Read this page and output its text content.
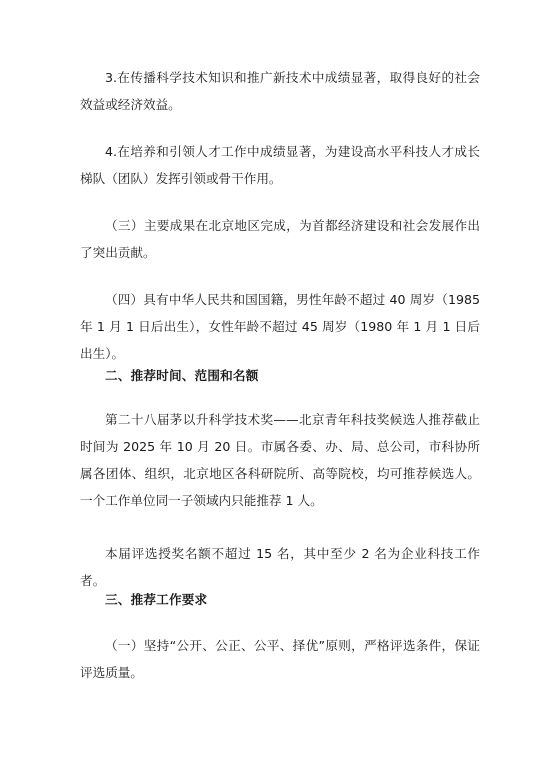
3.在传播科学技术知识和推广新技术中成绩显著，取得良好的社会效益或经济效益。

4.在培养和引领人才工作中成绩显著，为建设高水平科技人才成长梯队（团队）发挥引领或骨干作用。

（三）主要成果在北京地区完成，为首都经济建设和社会发展作出了突出贡献。

（四）具有中华人民共和国国籍，男性年龄不超过 40 周岁（1985 年 1 月 1 日后出生），女性年龄不超过 45 周岁（1980 年 1 月 1 日后出生）。

二、推荐时间、范围和名额

第二十八届茅以升科学技术奖——北京青年科技奖候选人推荐截止时间为 2025 年 10 月 20 日。市属各委、办、局、总公司，市科协所属各团体、组织，北京地区各科研院所、高等院校，均可推荐候选人。一个工作单位同一子领域内只能推荐 1 人。

本届评选授奖名额不超过 15 名，其中至少 2 名为企业科技工作者。

三、推荐工作要求

（一）坚持“公开、公正、公平、择优”原则，严格评选条件，保证评选质量。
